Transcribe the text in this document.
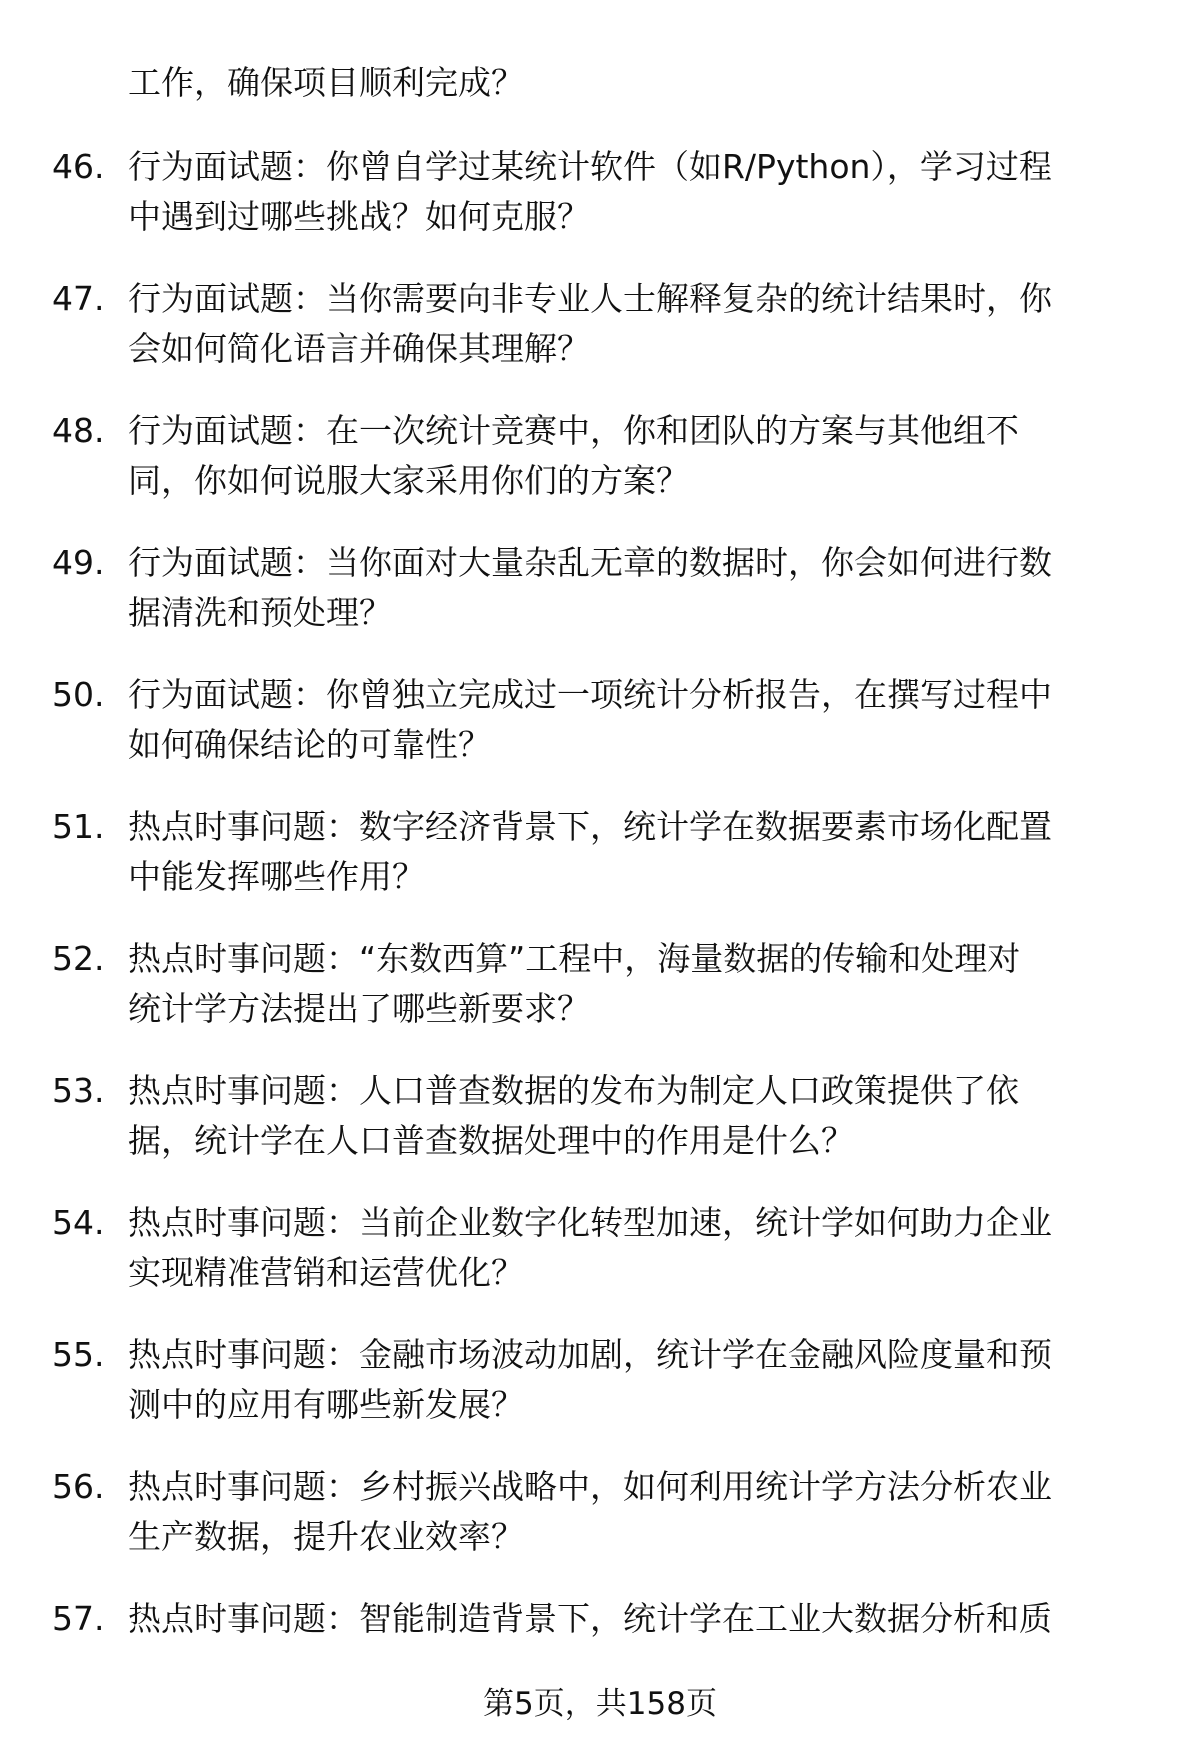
工作，确保项目顺利完成？
46. 行为面试题：你曾自学过某统计软件（如R/Python），学习过程
中遇到过哪些挑战？如何克服？
47. 行为面试题：当你需要向非专业人士解释复杂的统计结果时，你
会如何简化语言并确保其理解？
48. 行为面试题：在一次统计竞赛中，你和团队的方案与其他组不
同，你如何说服大家采用你们的方案？
49. 行为面试题：当你面对大量杂乱无章的数据时，你会如何进行数
据清洗和预处理？
50. 行为面试题：你曾独立完成过一项统计分析报告，在撰写过程中
如何确保结论的可靠性？
51. 热点时事问题：数字经济背景下，统计学在数据要素市场化配置
中能发挥哪些作用？
52. 热点时事问题：“东数西算”工程中，海量数据的传输和处理对
统计学方法提出了哪些新要求？
53. 热点时事问题：人口普查数据的发布为制定人口政策提供了依
据，统计学在人口普查数据处理中的作用是什么？
54. 热点时事问题：当前企业数字化转型加速，统计学如何助力企业
实现精准营销和运营优化？
55. 热点时事问题：金融市场波动加剧，统计学在金融风险度量和预
测中的应用有哪些新发展？
56. 热点时事问题：乡村振兴战略中，如何利用统计学方法分析农业
生产数据，提升农业效率？
57. 热点时事问题：智能制造背景下，统计学在工业大数据分析和质
第5页，共158页
